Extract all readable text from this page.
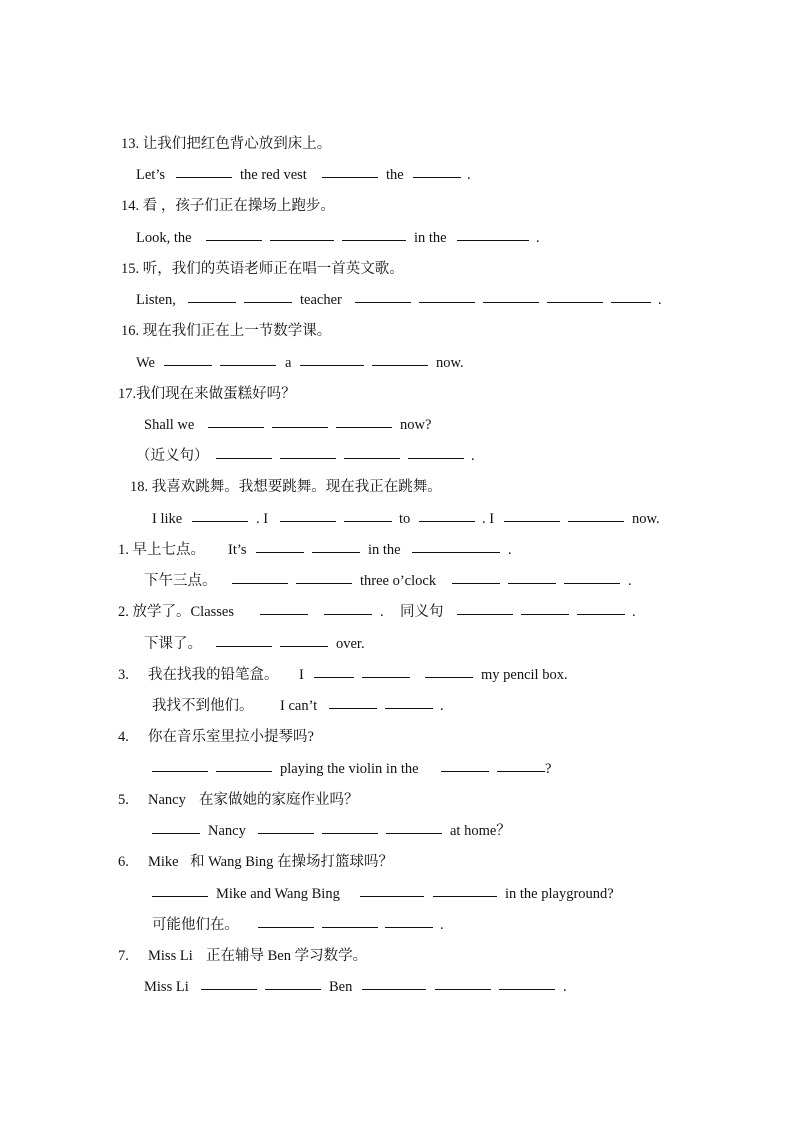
13. 让我们把红色背心放到床上。
Let’s	the red vest	the	.
14. 看 ，孩子们正在操场上跑步。
Look, the	in the	.
15. 听，我们的英语老师正在唱一首英文歌。
Listen,	teacher	.
16. 现在我们正在上一节数学课。
We	a	now.
17.我们现在来做蛋糕好吗？
Shall we	now?
（近义句）	.
18. 我喜欢跳舞。我想要跳舞。现在我正在跳舞。
I like	. I	to	. I	now.
1. 早上七点。 It’s	in the	.
下午三点。	three o’clock	.
2. 放学了。Classes	. 同义句	.
下课了。	over.
3. 我在找我的铅笔盒。 I	my pencil box.
我找不到他们。 I can’t	.
4. 你在音乐室里拉小提琴吗?
playing the violin in the	?
5. Nancy 在家做她的家庭作业吗？
Nancy	at home？
6. Mike 和 Wang Bing 在操场打篮球吗？
Mike and Wang Bing	in the playground?
可能他们在。	.
7. Miss Li 正在辅导 Ben 学习数学。
Miss Li	Ben	.
